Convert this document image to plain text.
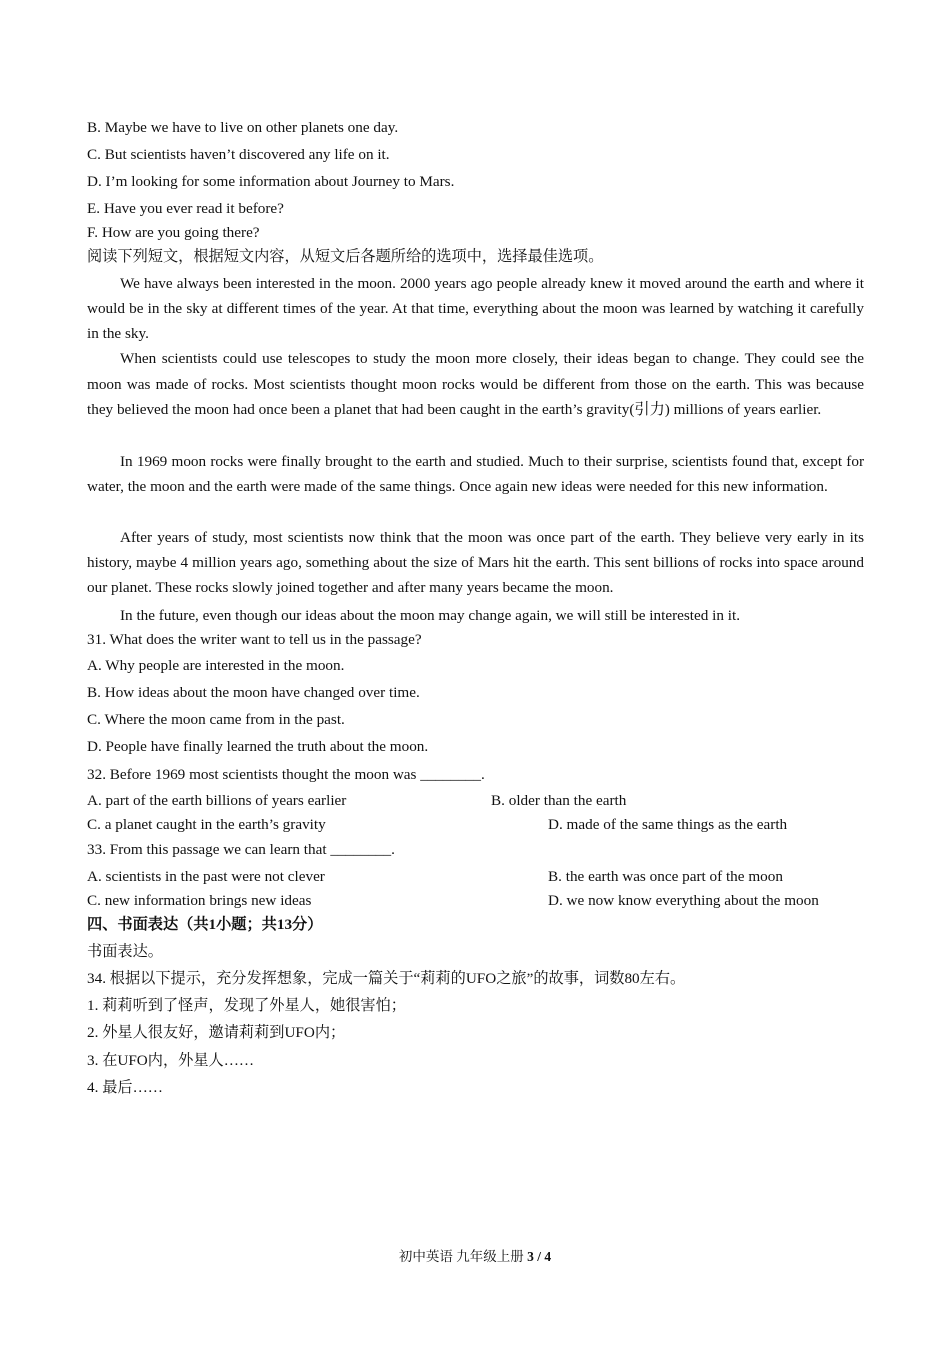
B. Maybe we have to live on other planets one day.
C. But scientists haven’t discovered any life on it.
D. I’m looking for some information about Journey to Mars.
E. Have you ever read it before?
F. How are you going there?
阅读下列短文，根据短文内容，从短文后各题所给的选项中，选择最佳选项。
We have always been interested in the moon. 2000 years ago people already knew it moved around the earth and where it would be in the sky at different times of the year. At that time, everything about the moon was learned by watching it carefully in the sky.
When scientists could use telescopes to study the moon more closely, their ideas began to change. They could see the moon was made of rocks. Most scientists thought moon rocks would be different from those on the earth. This was because they believed the moon had once been a planet that had been caught in the earth’s gravity(引力) millions of years earlier.
In 1969 moon rocks were finally brought to the earth and studied. Much to their surprise, scientists found that, except for water, the moon and the earth were made of the same things. Once again new ideas were needed for this new information.
After years of study, most scientists now think that the moon was once part of the earth. They believe very early in its history, maybe 4 million years ago, something about the size of Mars hit the earth. This sent billions of rocks into space around our planet. These rocks slowly joined together and after many years became the moon.
In the future, even though our ideas about the moon may change again, we will still be interested in it.
31. What does the writer want to tell us in the passage?
A. Why people are interested in the moon.
B. How ideas about the moon have changed over time.
C. Where the moon came from in the past.
D. People have finally learned the truth about the moon.
32. Before 1969 most scientists thought the moon was ________.
A. part of the earth billions of years earlier	B. older than the earth
C. a planet caught in the earth’s gravity	D. made of the same things as the earth
33. From this passage we can learn that ________.
A. scientists in the past were not clever	B. the earth was once part of the moon
C. new information brings new ideas	D. we now know everything about the moon
四、书面表达（共1小题；共13分）
书面表达。
34. 根据以下提示，充分发挥想象，完成一篇关于“莉莉的UFO之旅”的故事，词数80左右。
1. 莉莉听到了怪声，发现了外星人，她很害怕；
2. 外星人很友好，邀请莉莉到UFO内；
3. 在UFO内，外星人……
4. 最后……
初中英语 九年级上册 3 / 4
